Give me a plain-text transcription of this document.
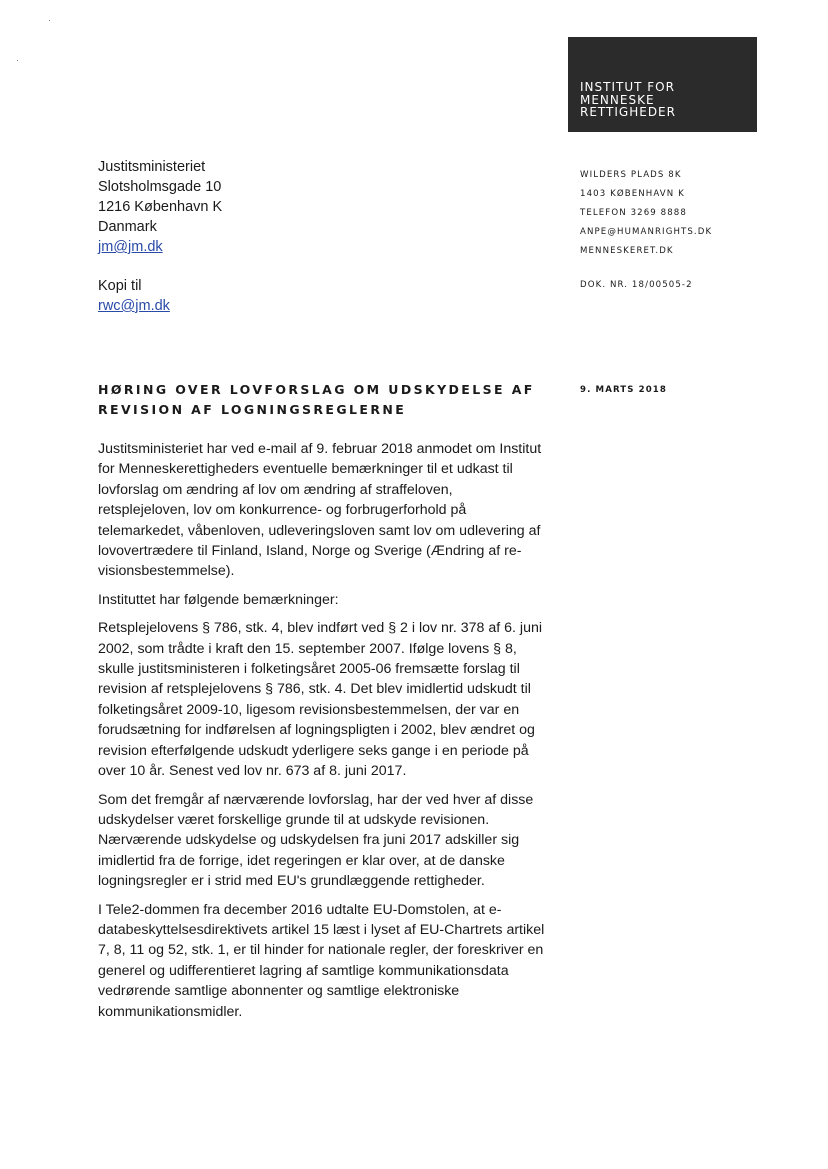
INSTITUT FOR
MENNESKE
RETTIGHEDER
Justitsministeriet
Slotsholmsgade 10
1216 København K
Danmark
jm@jm.dk
Kopi til
rwc@jm.dk
WILDERS PLADS 8K
1403 KØBENHAVN K
TELEFON 3269 8888
ANPE@HUMANRIGHTS.DK
MENNESKERET.DK
DOK. NR. 18/00505-2
HØRING OVER LOVFORSLAG OM UDSKYDELSE AF
REVISION AF LOGNINGSREGLERNE
9. MARTS 2018
Justitsministeriet har ved e-mail af 9. februar 2018 anmodet om Institut
for Menneskerettigheders eventuelle bemærkninger til et udkast til
lovforslag om ændring af lov om ændring af straffeloven,
retsplejeloven, lov om konkurrence- og forbrugerforhold på
telemarkedet, våbenloven, udleveringsloven samt lov om udlevering af
lovovertrædere til Finland, Island, Norge og Sverige (Ændring af re-
visionsbestemmelse).
Instituttet har følgende bemærkninger:
Retsplejelovens § 786, stk. 4, blev indført ved § 2 i lov nr. 378 af 6. juni
2002, som trådte i kraft den 15. september 2007. Ifølge lovens § 8,
skulle justitsministeren i folketingsåret 2005-06 fremsætte forslag til
revision af retsplejelovens § 786, stk. 4. Det blev imidlertid udskudt til
folketingsåret 2009-10, ligesom revisionsbestemmelsen, der var en
forudsætning for indførelsen af logningspligten i 2002, blev ændret og
revision efterfølgende udskudt yderligere seks gange i en periode på
over 10 år. Senest ved lov nr. 673 af 8. juni 2017.
Som det fremgår af nærværende lovforslag, har der ved hver af disse
udskydelser været forskellige grunde til at udskyde revisionen.
Nærværende udskydelse og udskydelsen fra juni 2017 adskiller sig
imidlertid fra de forrige, idet regeringen er klar over, at de danske
logningsregler er i strid med EU's grundlæggende rettigheder.
I Tele2-dommen fra december 2016 udtalte EU-Domstolen, at e-
databeskyttelsesdirektivets artikel 15 læst i lyset af EU-Chartrets artikel
7, 8, 11 og 52, stk. 1, er til hinder for nationale regler, der foreskriver en
generel og udifferentieret lagring af samtlige kommunikationsdata
vedrørende samtlige abonnenter og samtlige elektroniske
kommunikationsmidler.
